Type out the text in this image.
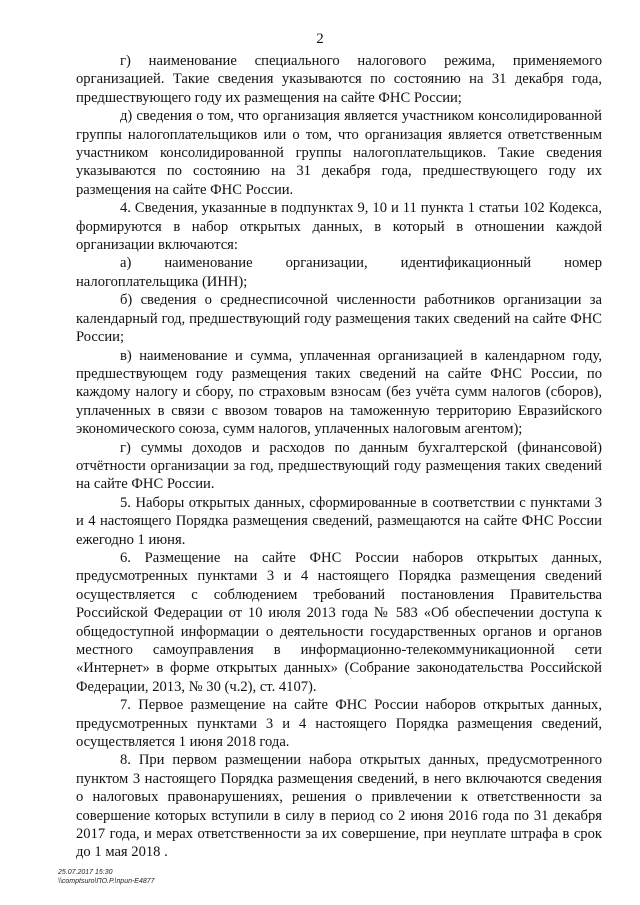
2

г) наименование специального налогового режима, применяемого организацией. Такие сведения указываются по состоянию на 31 декабря года, предшествующего году их размещения на сайте ФНС России;

д) сведения о том, что организация является участником консолидированной группы налогоплательщиков или о том, что организация является ответственным участником консолидированной группы налогоплательщиков. Такие сведения указываются по состоянию на 31 декабря года, предшествующего году их размещения на сайте ФНС России.

4. Сведения, указанные в подпунктах 9, 10 и 11 пункта 1 статьи 102 Кодекса, формируются в набор открытых данных, в который в отношении каждой организации включаются:

а) наименование организации, идентификационный номер налогоплательщика (ИНН);

б) сведения о среднесписочной численности работников организации за календарный год, предшествующий году размещения таких сведений на сайте ФНС России;

в) наименование и сумма, уплаченная организацией в календарном году, предшествующем году размещения таких сведений на сайте ФНС России, по каждому налогу и сбору, по страховым взносам (без учёта сумм налогов (сборов), уплаченных в связи с ввозом товаров на таможенную территорию Евразийского экономического союза, сумм налогов, уплаченных налоговым агентом);

г) суммы доходов и расходов по данным бухгалтерской (финансовой) отчётности организации за год, предшествующий году размещения таких сведений на сайте ФНС России.

5. Наборы открытых данных, сформированные в соответствии с пунктами 3 и 4 настоящего Порядка размещения сведений, размещаются на сайте ФНС России ежегодно 1 июня.

6. Размещение на сайте ФНС России наборов открытых данных, предусмотренных пунктами 3 и 4 настоящего Порядка размещения сведений осуществляется с соблюдением требований постановления Правительства Российской Федерации от 10 июля 2013 года № 583 «Об обеспечении доступа к общедоступной информации о деятельности государственных органов и органов местного самоуправления в информационно-телекоммуникационной сети «Интернет» в форме открытых данных» (Собрание законодательства Российской Федерации, 2013, № 30 (ч.2), ст. 4107).

7. Первое размещение на сайте ФНС России наборов открытых данных, предусмотренных пунктами 3 и 4 настоящего Порядка размещения сведений, осуществляется 1 июня 2018 года.

8. При первом размещении набора открытых данных, предусмотренного пунктом 3 настоящего Порядка размещения сведений, в него включаются сведения о налоговых правонарушениях, решения о привлечении к ответственности за совершение которых вступили в силу в период со 2 июня 2016 года по 31 декабря 2017 года, и мерах ответственности за их совершение, при неуплате штрафа в срок до 1 мая 2018 .

25.07.2017 15:30
\\comptsuro\ПО.Р.\приn-E4877
